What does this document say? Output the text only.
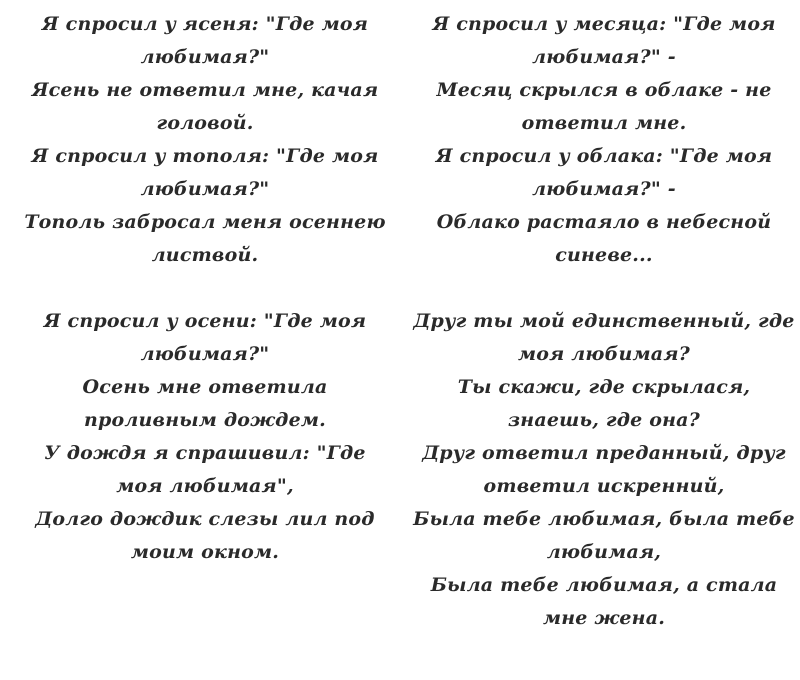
Я спросил у ясеня: "Где моя любимая?"
Ясень не ответил мне, качая головой.
Я спросил у тополя: "Где моя любимая?"
Тополь забросал меня осеннею листвой.

Я спросил у осени: "Где моя любимая?"
Осень мне ответила проливным дождем.
У дождя я спрашивил: "Где моя любимая",
Долго дождик слезы лил под моим окном.

Я спросил у месяца: "Где моя любимая?" -
Месяц скрылся в облаке - не ответил мне.
Я спросил у облака: "Где моя любимая?" -
Облако растаяло в небесной синеве...

Друг ты мой единственный, где моя любимая?
Ты скажи, где скрылася, знаешь, где она?
Друг ответил преданный, друг ответил искренний,
Была тебе любимая, была тебе любимая,
Была тебе любимая, а стала мне жена.
